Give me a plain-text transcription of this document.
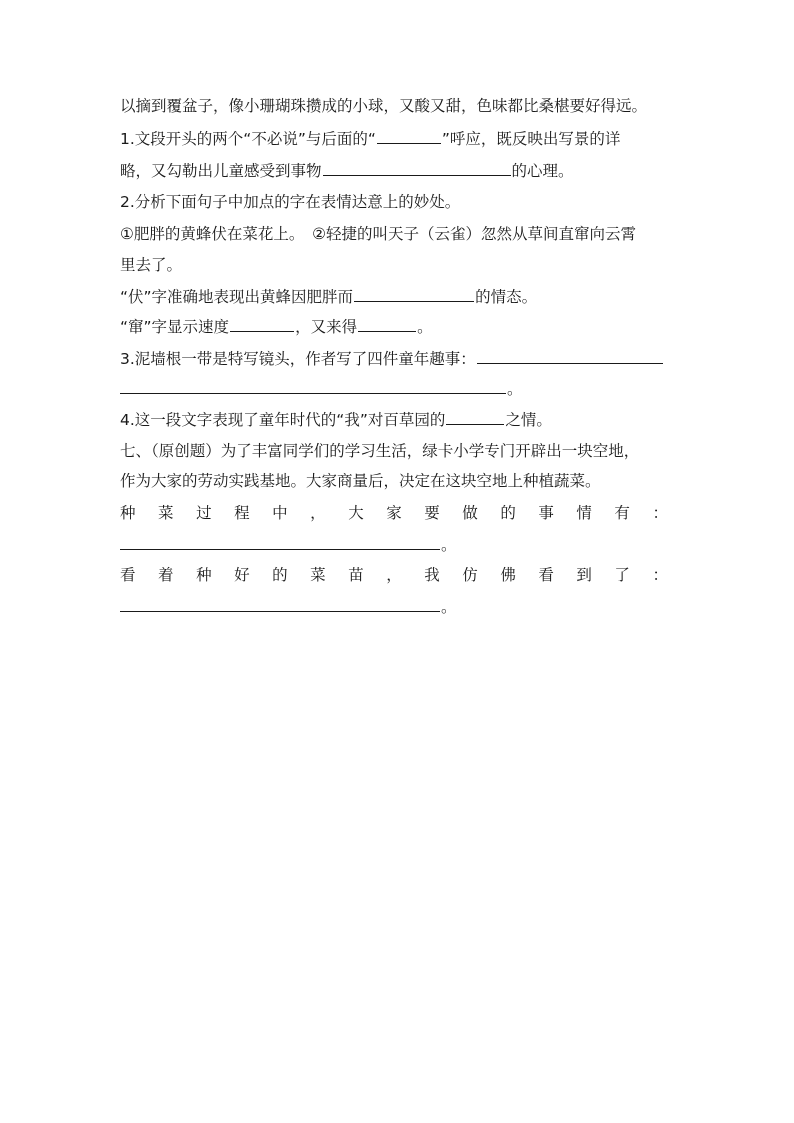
以摘到覆盆子，像小珊瑚珠攒成的小球，又酸又甜，色味都比桑椹要好得远。
1.文段开头的两个“不必说”与后面的“	”呼应，既反映出写景的详
略，又勾勒出儿童感受到事物	的心理。
2.分析下面句子中加点的字在表情达意上的妙处。
①肥胖的黄蜂伏在菜花上。　②轻捷的叫天子（云雀）忽然从草间直窜向云霄
里去了。
“伏”字准确地表现出黄蜂因肥胖而	的情态。
“窜”字显示速度	，又来得	。
3.泥墙根一带是特写镜头，作者写了四件童年趣事：
。
4.这一段文字表现了童年时代的“我”对百草园的	之情。
七、（原创题）为了丰富同学们的学习生活，绿卡小学专门开辟出一块空地，
作为大家的劳动实践基地。大家商量后，决定在这块空地上种植蔬菜。
种 菜 过 程 中 ， 大 家 要 做 的 事 情 有 ：
。
看 着 种 好 的 菜 苗 ， 我 仿 佛 看 到 了 ：
。
